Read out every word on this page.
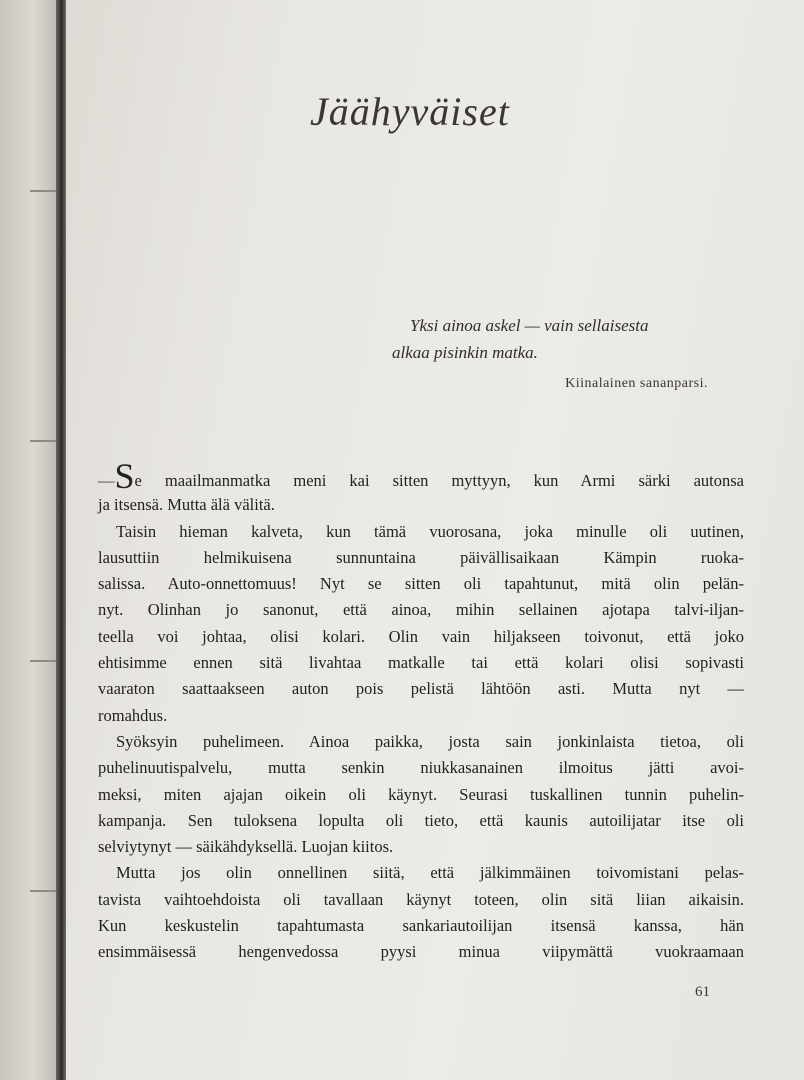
Jäähyväiset
Yksi ainoa askel — vain sellaisesta
alkaa pisinkin matka.
Kiinalainen sananparsi.
—Se maailmanmatka meni kai sitten myttyyn, kun Armi särki autonsa
ja itsensä. Mutta älä välitä.
Taisin hieman kalveta, kun tämä vuorosana, joka minulle oli uutinen,
lausuttiin helmikuisena sunnuntaina päivällisaikaan Kämpin ruoka-
salissa. Auto-onnettomuus! Nyt se sitten oli tapahtunut, mitä olin pelän-
nyt. Olinhan jo sanonut, että ainoa, mihin sellainen ajotapa talvi-iljan-
teella voi johtaa, olisi kolari. Olin vain hiljakseen toivonut, että joko
ehtisimme ennen sitä livahtaa matkalle tai että kolari olisi sopivasti
vaaraton saattaakseen auton pois pelistä lähtöön asti. Mutta nyt —
romahdus.
Syöksyin puhelimeen. Ainoa paikka, josta sain jonkinlaista tietoa, oli
puhelinuutispalvelu, mutta senkin niukkasanainen ilmoitus jätti avoi-
meksi, miten ajajan oikein oli käynyt. Seurasi tuskallinen tunnin puhelin-
kampanja. Sen tuloksena lopulta oli tieto, että kaunis autoilijatar itse oli
selviytynyt — säikähdyksellä. Luojan kiitos.
Mutta jos olin onnellinen siitä, että jälkimmäinen toivomistani pelas-
tavista vaihtoehdoista oli tavallaan käynyt toteen, olin sitä liian aikaisin.
Kun keskustelin tapahtumasta sankariautoilijan itsensä kanssa, hän
ensimmäisessä hengenvedossa pyysi minua viipymättä vuokraamaan
61
